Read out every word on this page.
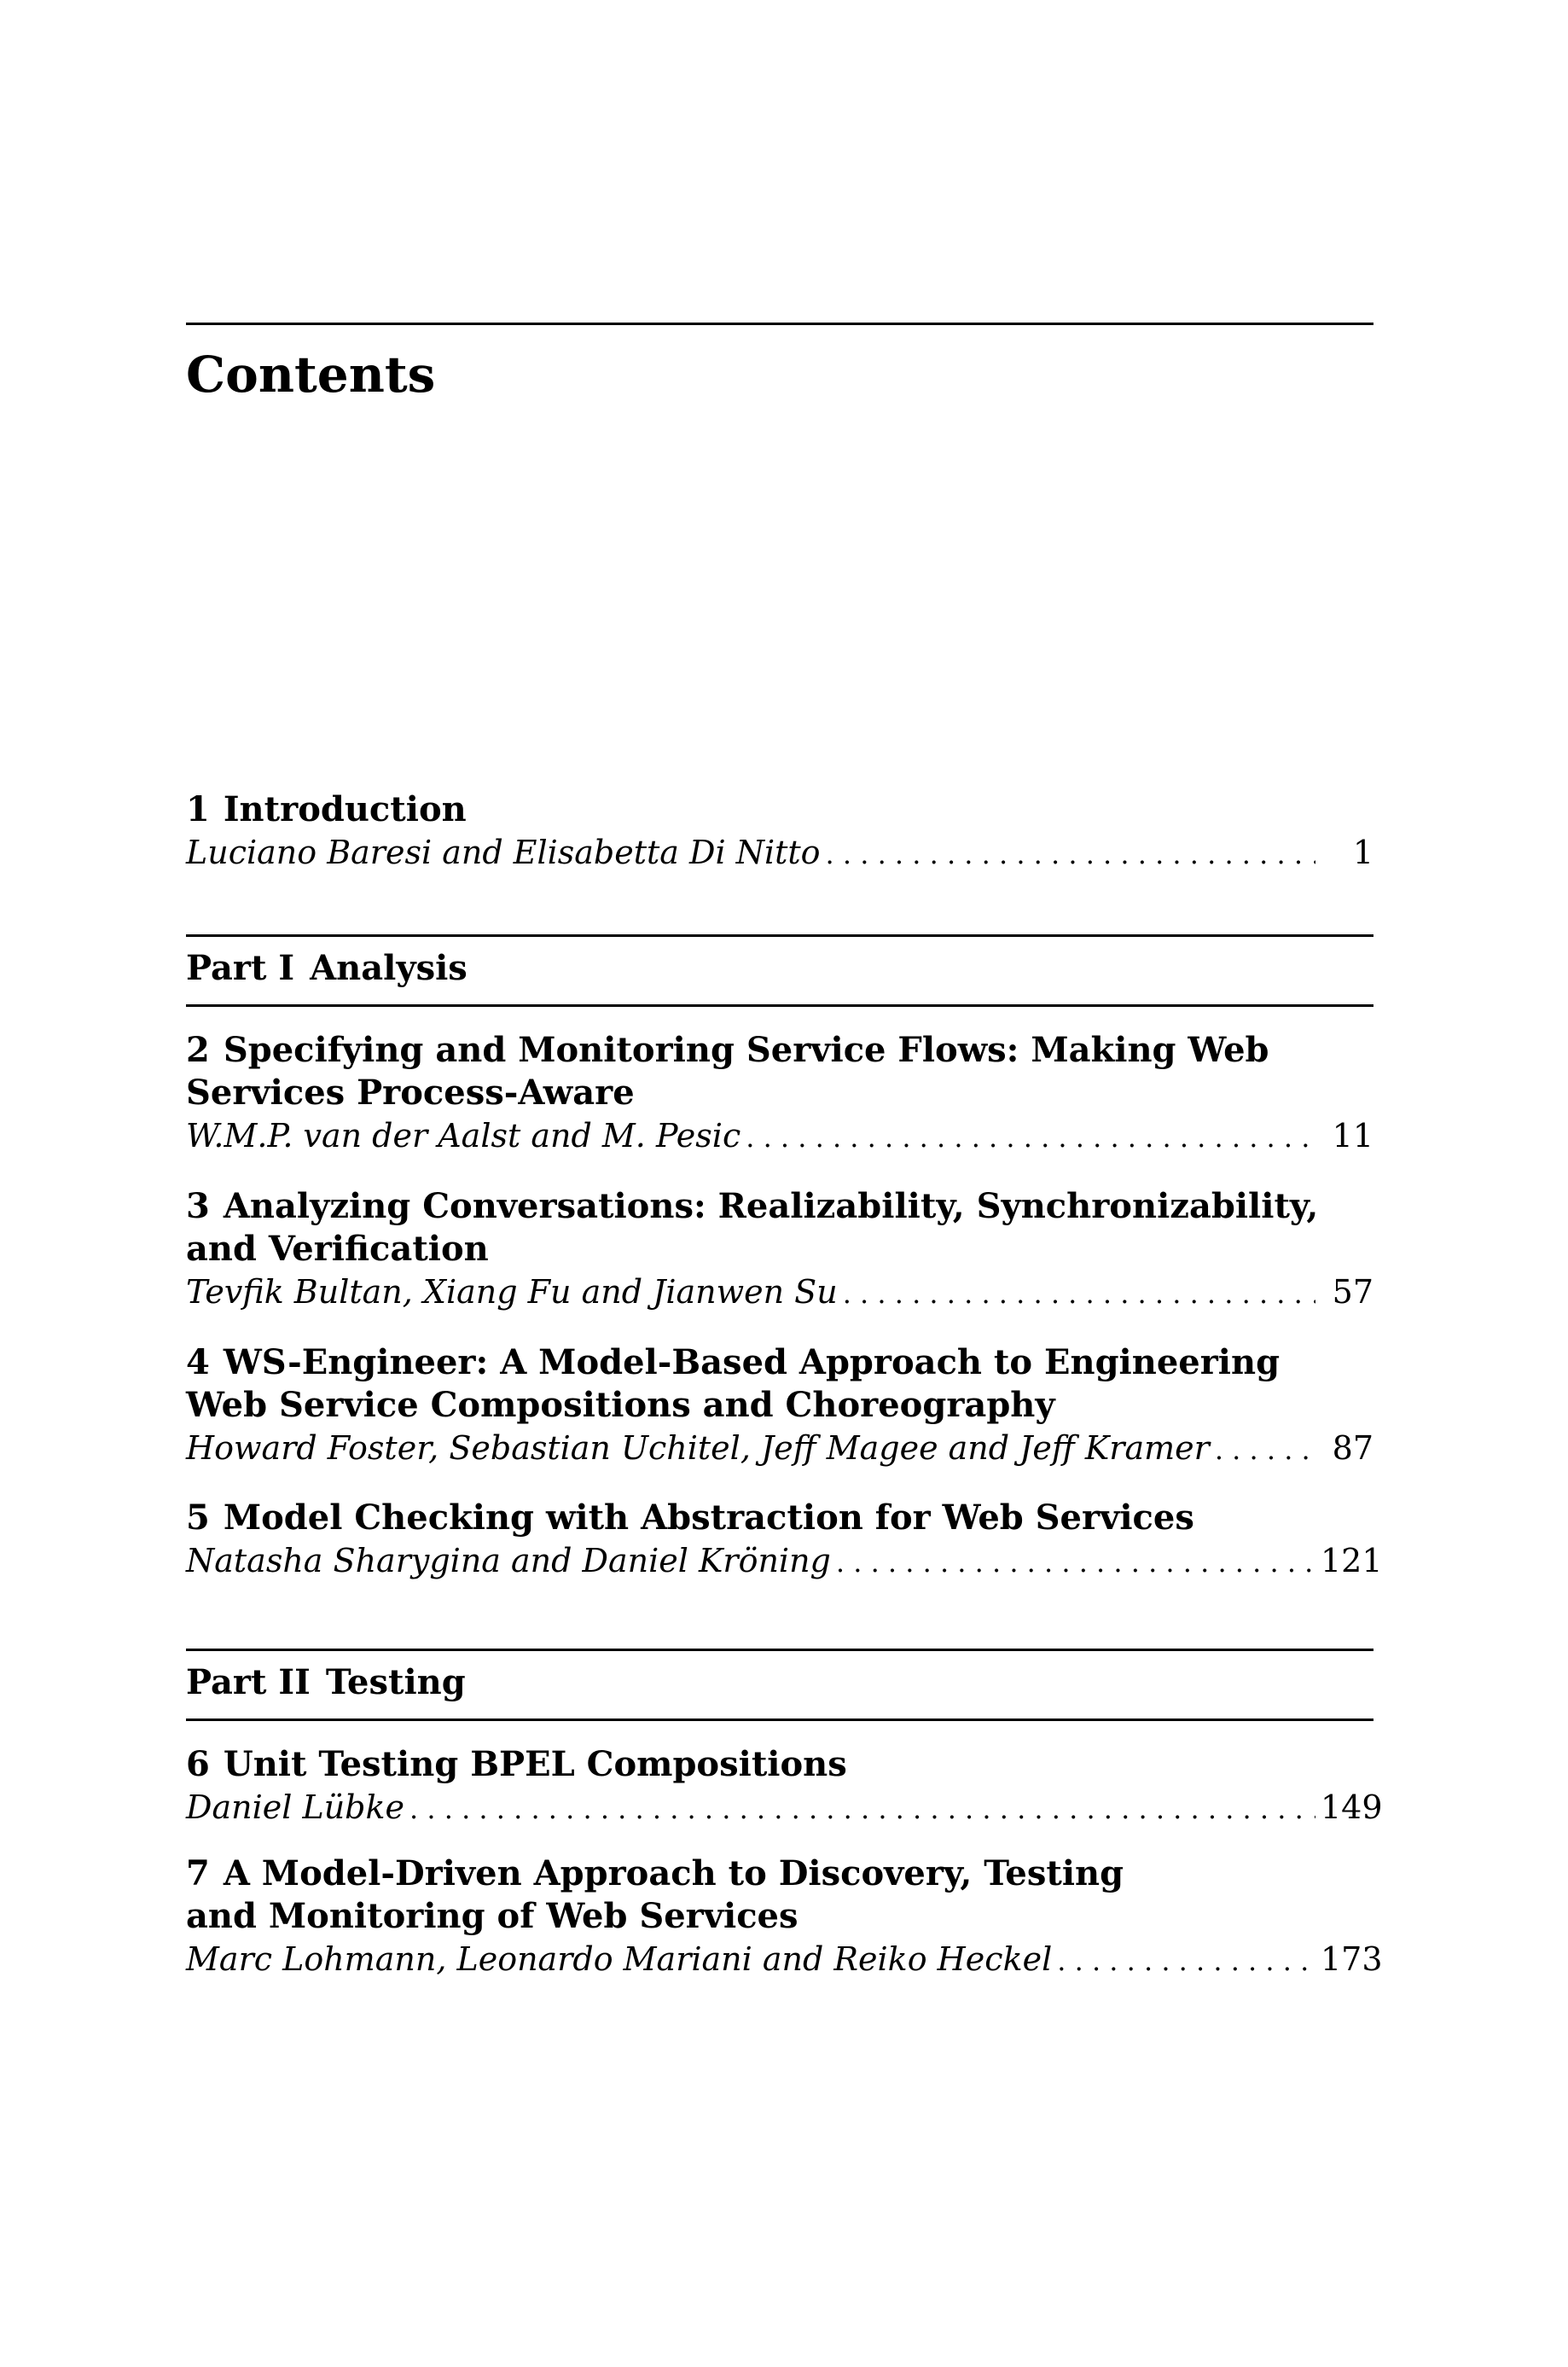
Contents
1 Introduction
Luciano Baresi and Elisabetta Di Nitto . . .	1
Part I Analysis
2 Specifying and Monitoring Service Flows: Making Web
Services Process-Aware
W.M.P. van der Aalst and M. Pesic . . .	11
3 Analyzing Conversations: Realizability, Synchronizability,
and Verification
Tevfik Bultan, Xiang Fu and Jianwen Su . . .	57
4 WS-Engineer: A Model-Based Approach to Engineering
Web Service Compositions and Choreography
Howard Foster, Sebastian Uchitel, Jeff Magee and Jeff Kramer . . .	87
5 Model Checking with Abstraction for Web Services
Natasha Sharygina and Daniel Kröning . . .	121
Part II Testing
6 Unit Testing BPEL Compositions
Daniel Lübke . . .	149
7 A Model-Driven Approach to Discovery, Testing
and Monitoring of Web Services
Marc Lohmann, Leonardo Mariani and Reiko Heckel . . .	173
